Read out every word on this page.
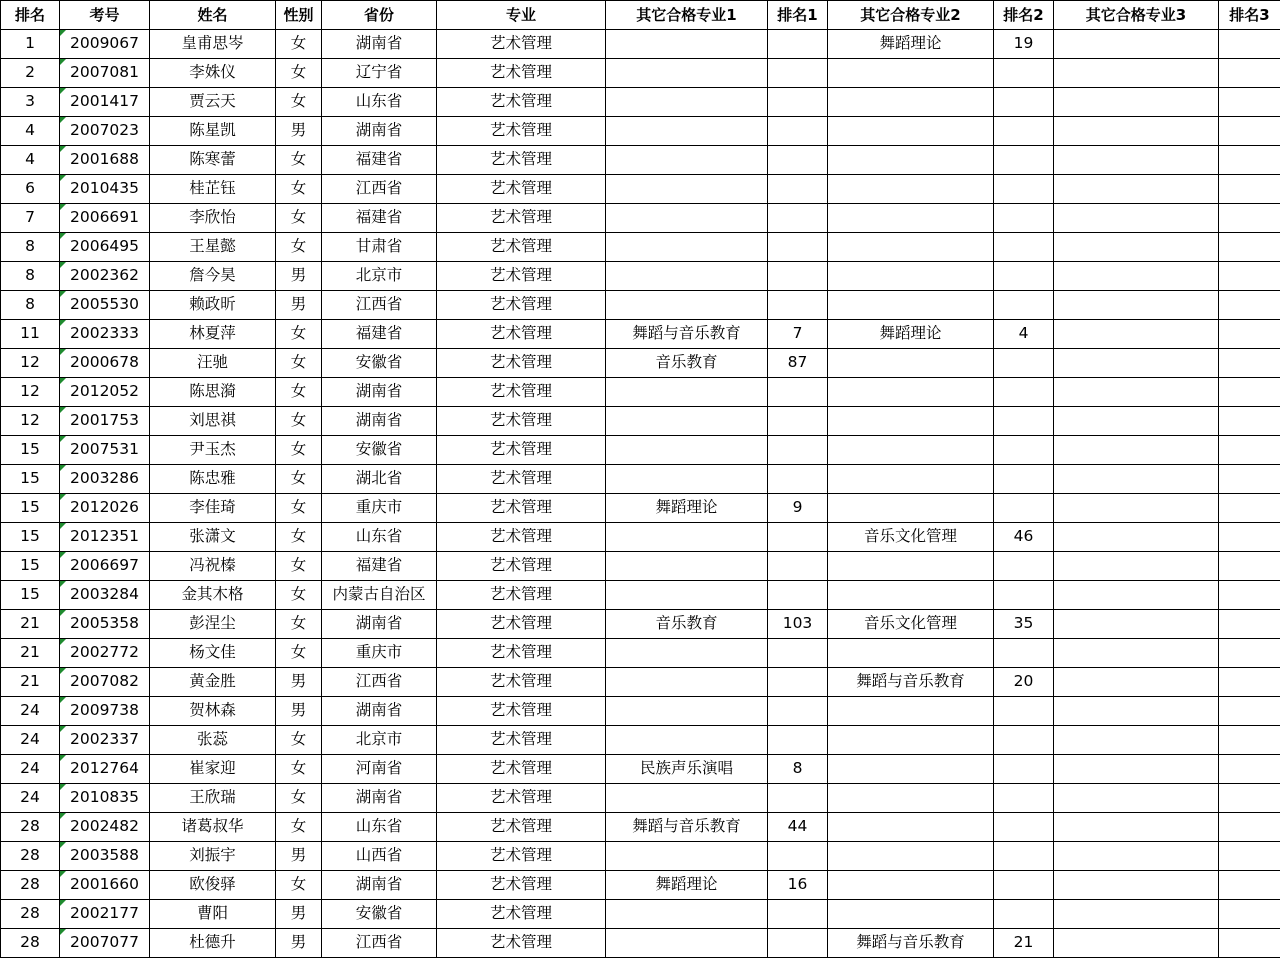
排名	考号	姓名	性别	省份	专业	其它合格专业1	排名1	其它合格专业2	排名2	其它合格专业3	排名3
1	2009067	皇甫思岑	女	湖南省	艺术管理			舞蹈理论	19		
2	2007081	李姝仪	女	辽宁省	艺术管理						
3	2001417	贾云天	女	山东省	艺术管理						
4	2007023	陈星凯	男	湖南省	艺术管理						
4	2001688	陈寒蕾	女	福建省	艺术管理						
6	2010435	桂芷钰	女	江西省	艺术管理						
7	2006691	李欣怡	女	福建省	艺术管理						
8	2006495	王星懿	女	甘肃省	艺术管理						
8	2002362	詹今昊	男	北京市	艺术管理						
8	2005530	赖政昕	男	江西省	艺术管理						
11	2002333	林夏萍	女	福建省	艺术管理	舞蹈与音乐教育	7	舞蹈理论	4		
12	2000678	汪驰	女	安徽省	艺术管理	音乐教育	87				
12	2012052	陈思漪	女	湖南省	艺术管理						
12	2001753	刘思祺	女	湖南省	艺术管理						
15	2007531	尹玉杰	女	安徽省	艺术管理						
15	2003286	陈忠雅	女	湖北省	艺术管理						
15	2012026	李佳琦	女	重庆市	艺术管理	舞蹈理论	9				
15	2012351	张潇文	女	山东省	艺术管理			音乐文化管理	46		
15	2006697	冯祝榛	女	福建省	艺术管理						
15	2003284	金其木格	女	内蒙古自治区	艺术管理						
21	2005358	彭涅尘	女	湖南省	艺术管理	音乐教育	103	音乐文化管理	35		
21	2002772	杨文佳	女	重庆市	艺术管理						
21	2007082	黄金胜	男	江西省	艺术管理			舞蹈与音乐教育	20		
24	2009738	贺林森	男	湖南省	艺术管理						
24	2002337	张蕊	女	北京市	艺术管理						
24	2012764	崔家迎	女	河南省	艺术管理	民族声乐演唱	8				
24	2010835	王欣瑞	女	湖南省	艺术管理						
28	2002482	诸葛叔华	女	山东省	艺术管理	舞蹈与音乐教育	44				
28	2003588	刘振宇	男	山西省	艺术管理						
28	2001660	欧俊驿	女	湖南省	艺术管理	舞蹈理论	16				
28	2002177	曹阳	男	安徽省	艺术管理						
28	2007077	杜德升	男	江西省	艺术管理			舞蹈与音乐教育	21		
